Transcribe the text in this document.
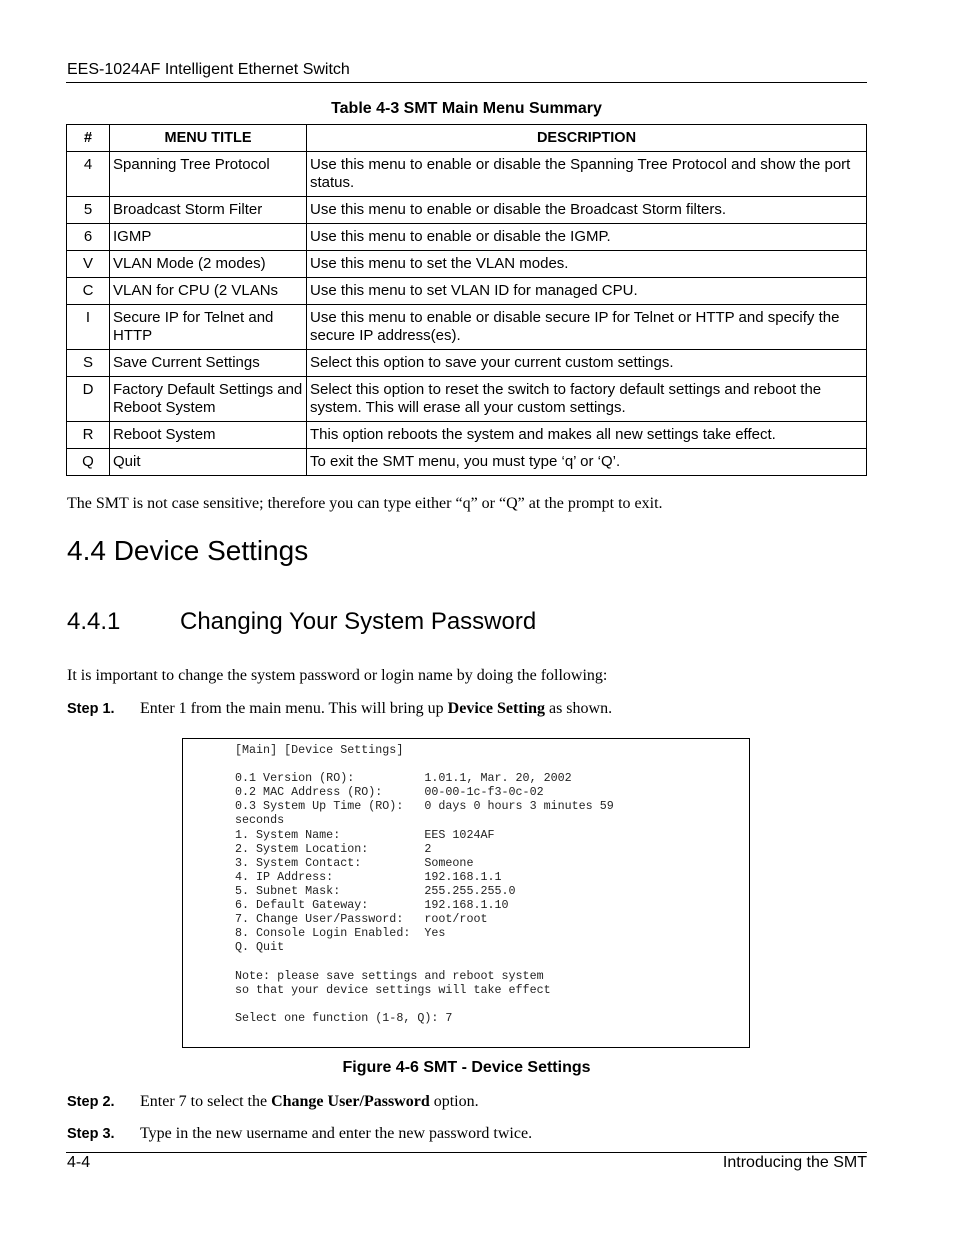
EES-1024AF Intelligent Ethernet Switch
Table 4-3 SMT Main Menu Summary
#	MENU TITLE	DESCRIPTION
4	Spanning Tree Protocol	Use this menu to enable or disable the Spanning Tree Protocol and show the port status.
5	Broadcast Storm Filter	Use this menu to enable or disable the Broadcast Storm filters.
6	IGMP	Use this menu to enable or disable the IGMP.
V	VLAN Mode (2 modes)	Use this menu to set the VLAN modes.
C	VLAN for CPU (2 VLANs	Use this menu to set VLAN ID for managed CPU.
I	Secure IP for Telnet and HTTP	Use this menu to enable or disable secure IP for Telnet or HTTP and specify the secure IP address(es).
S	Save Current Settings	Select this option to save your current custom settings.
D	Factory Default Settings and Reboot System	Select this option to reset the switch to factory default settings and reboot the system. This will erase all your custom settings.
R	Reboot System	This option reboots the system and makes all new settings take effect.
Q	Quit	To exit the SMT menu, you must type ‘q’ or ‘Q’.
The SMT is not case sensitive; therefore you can type either “q” or “Q” at the prompt to exit.
4.4 Device Settings
4.4.1 Changing Your System Password
It is important to change the system password or login name by doing the following:
Step 1. Enter 1 from the main menu. This will bring up Device Setting as shown.
[Main] [Device Settings]

0.1 Version (RO):          1.01.1, Mar. 20, 2002
0.2 MAC Address (RO):      00-00-1c-f3-0c-02
0.3 System Up Time (RO):   0 days 0 hours 3 minutes 59
seconds
1. System Name:            EES 1024AF
2. System Location:        2
3. System Contact:         Someone
4. IP Address:             192.168.1.1
5. Subnet Mask:            255.255.255.0
6. Default Gateway:        192.168.1.10
7. Change User/Password:   root/root
8. Console Login Enabled:  Yes
Q. Quit

Note: please save settings and reboot system
so that your device settings will take effect

Select one function (1-8, Q): 7

Figure 4-6 SMT - Device Settings
Step 2. Enter 7 to select the Change User/Password option.
Step 3. Type in the new username and enter the new password twice.
4-4	Introducing the SMT
